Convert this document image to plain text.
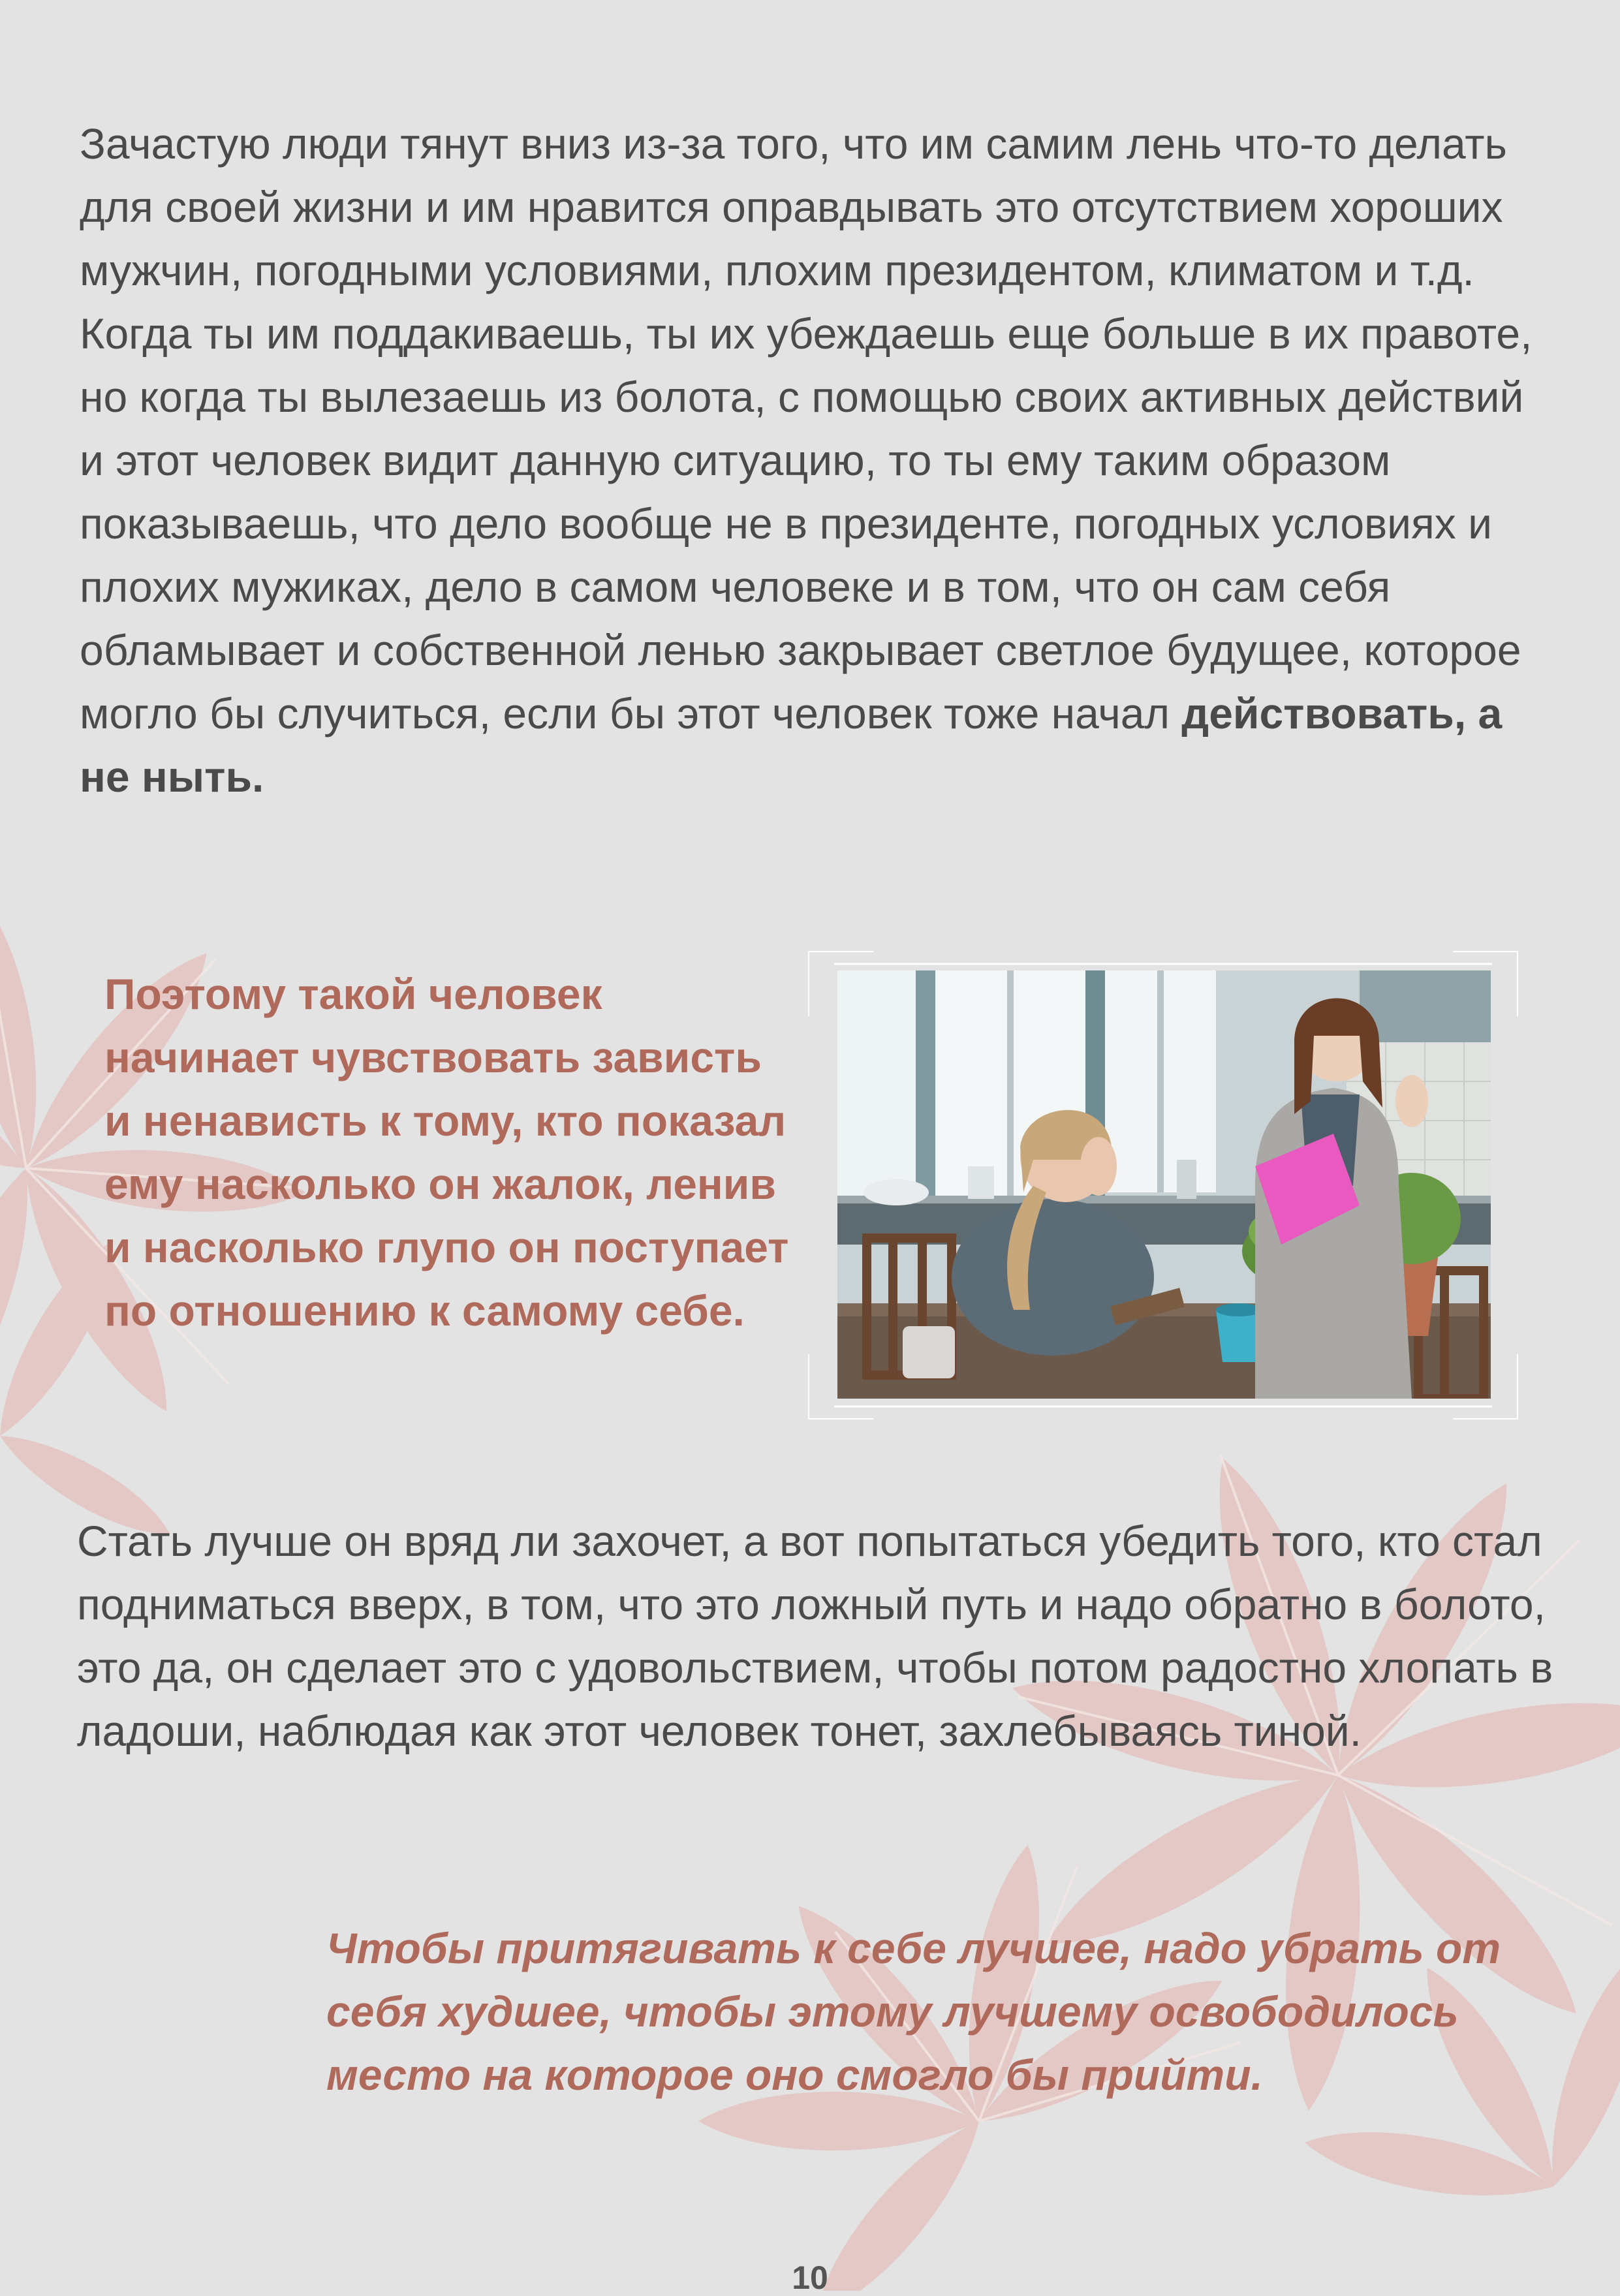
Зачастую люди тянут вниз из-за того, что им самим лень что-то делать для своей жизни и им нравится оправдывать это отсутствием хороших мужчин, погодными условиями, плохим президентом, климатом и т.д. Когда ты им поддакиваешь, ты их убеждаешь еще больше в их правоте, но когда ты вылезаешь из болота, с помощью своих активных действий и этот человек видит данную ситуацию, то ты ему таким образом показываешь, что дело вообще не в президенте, погодных условиях и плохих мужиках, дело в самом человеке и в том, что он сам себя обламывает и собственной ленью закрывает светлое будущее, которое могло бы случиться, если бы этот человек тоже начал действовать, а не ныть.

Поэтому такой человек начинает чувствовать зависть и ненависть к тому, кто показал ему насколько он жалок, ленив и насколько глупо он поступает по отношению к самому себе.

Стать лучше он вряд ли захочет, а вот попытаться убедить того, кто стал подниматься вверх, в том, что это ложный путь и надо обратно в болото, это да, он сделает это с удовольствием, чтобы потом радостно хлопать в ладоши, наблюдая как этот человек тонет, захлебываясь тиной.

Чтобы притягивать к себе лучшее, надо убрать от себя худшее, чтобы этому лучшему освободилось место на которое оно смогло бы прийти.

10
